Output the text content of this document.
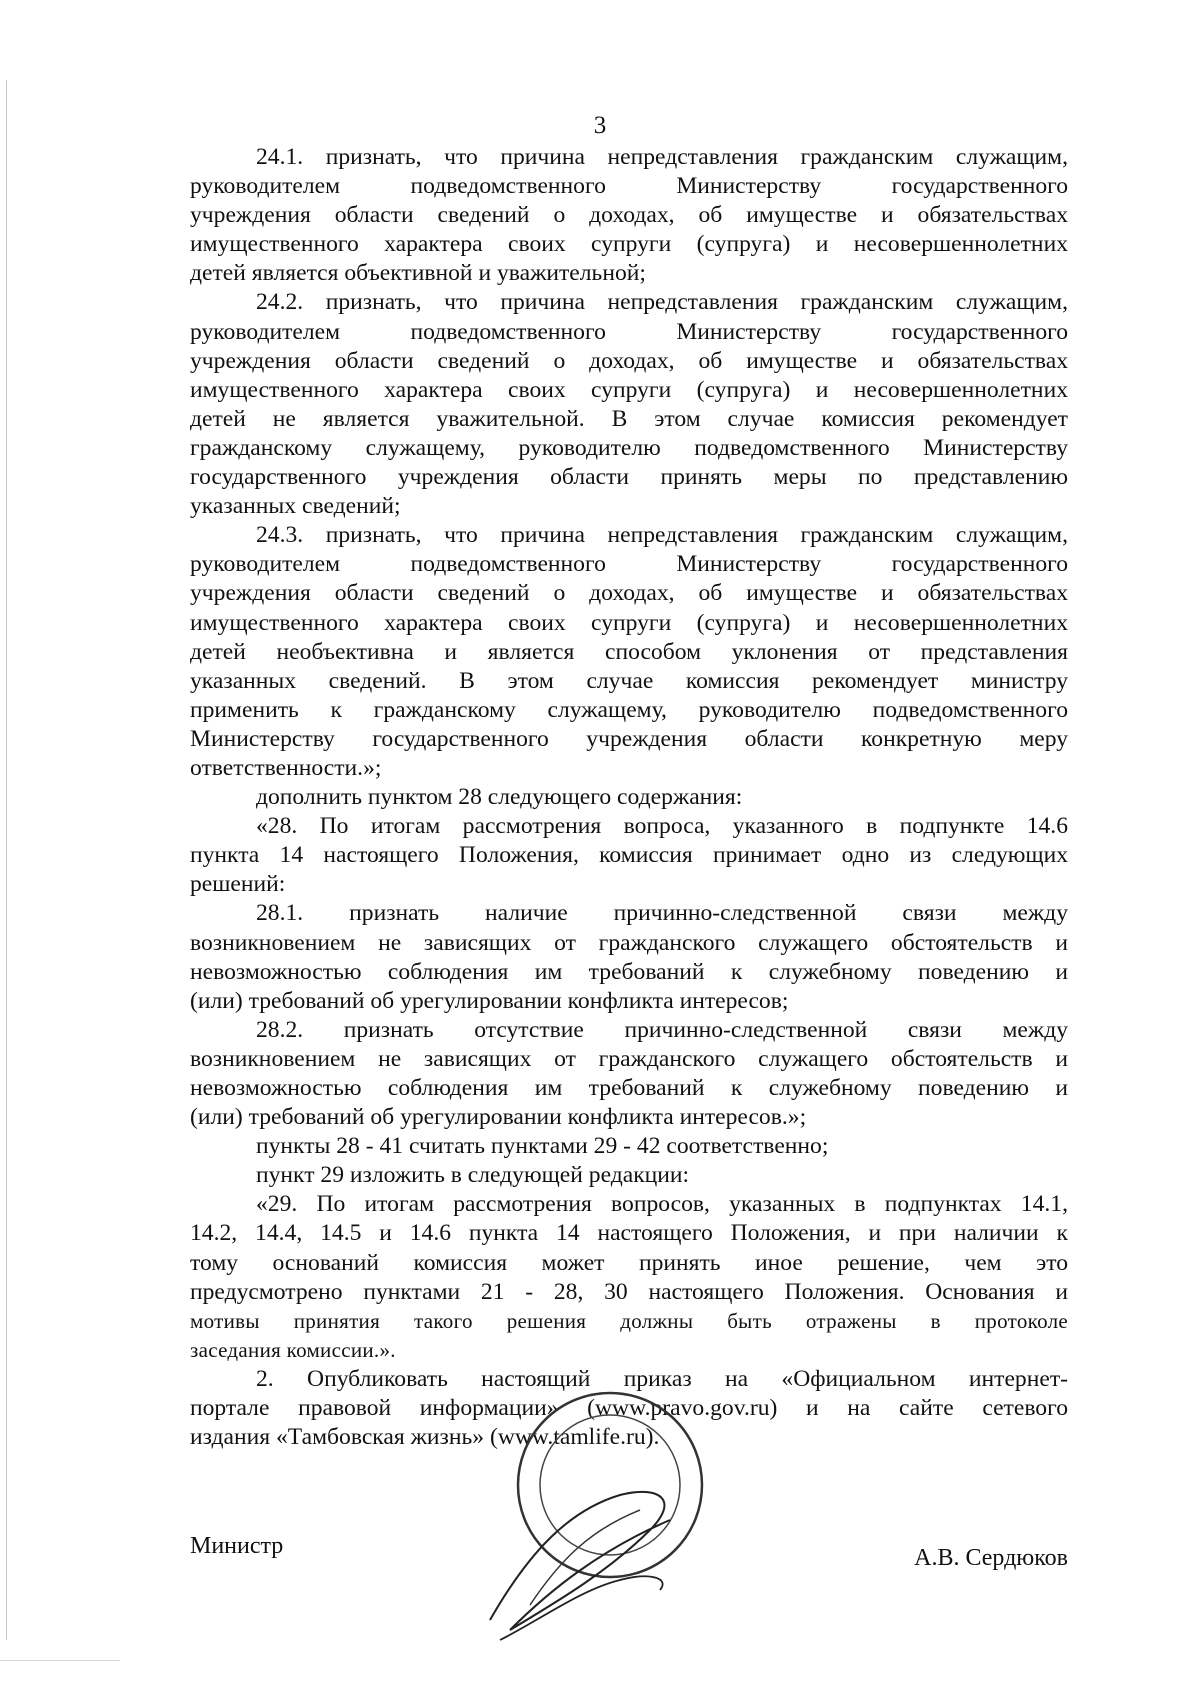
3
24.1. признать, что причина непредставления гражданским служащим,
руководителем подведомственного Министерству государственного
учреждения области сведений о доходах, об имуществе и обязательствах
имущественного характера своих супруги (супруга) и несовершеннолетних
детей является объективной и уважительной;
24.2. признать, что причина непредставления гражданским служащим,
руководителем подведомственного Министерству государственного
учреждения области сведений о доходах, об имуществе и обязательствах
имущественного характера своих супруги (супруга) и несовершеннолетних
детей не является уважительной. В этом случае комиссия рекомендует
гражданскому служащему, руководителю подведомственного Министерству
государственного учреждения области принять меры по представлению
указанных сведений;
24.3. признать, что причина непредставления гражданским служащим,
руководителем подведомственного Министерству государственного
учреждения области сведений о доходах, об имуществе и обязательствах
имущественного характера своих супруги (супруга) и несовершеннолетних
детей необъективна и является способом уклонения от представления
указанных сведений. В этом случае комиссия рекомендует министру
применить к гражданскому служащему, руководителю подведомственного
Министерству государственного учреждения области конкретную меру
ответственности.»;
дополнить пунктом 28 следующего содержания:
«28. По итогам рассмотрения вопроса, указанного в подпункте 14.6
пункта 14 настоящего Положения, комиссия принимает одно из следующих
решений:
28.1. признать наличие причинно-следственной связи между
возникновением не зависящих от гражданского служащего обстоятельств и
невозможностью соблюдения им требований к служебному поведению и
(или) требований об урегулировании конфликта интересов;
28.2. признать отсутствие причинно-следственной связи между
возникновением не зависящих от гражданского служащего обстоятельств и
невозможностью соблюдения им требований к служебному поведению и
(или) требований об урегулировании конфликта интересов.»;
пункты 28 - 41 считать пунктами 29 - 42 соответственно;
пункт 29 изложить в следующей редакции:
«29. По итогам рассмотрения вопросов, указанных в подпунктах 14.1,
14.2, 14.4, 14.5 и 14.6 пункта 14 настоящего Положения, и при наличии к
тому оснований комиссия может принять иное решение, чем это
предусмотрено пунктами 21 - 28, 30 настоящего Положения. Основания и
мотивы принятия такого решения должны быть отражены в протоколе
заседания комиссии.».
2. Опубликовать настоящий приказ на «Официальном интернет-
портале правовой информации» (www.pravo.gov.ru) и на сайте сетевого
издания «Тамбовская жизнь» (www.tamlife.ru).
Министр	А.В. Сердюков
